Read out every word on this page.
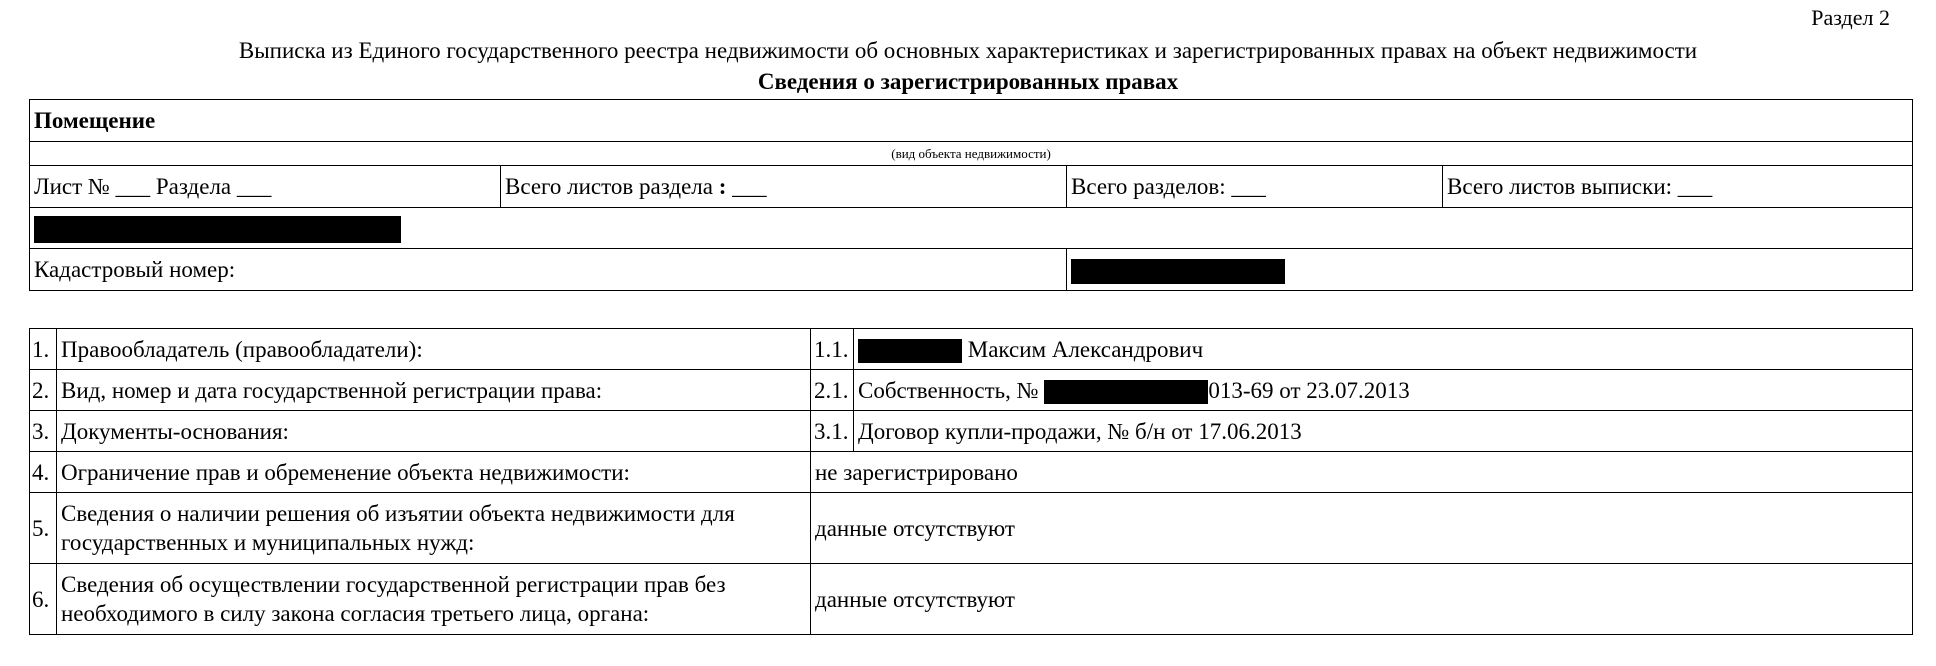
Раздел 2
Выписка из Единого государственного реестра недвижимости об основных характеристиках и зарегистрированных правах на объект недвижимости
Сведения о зарегистрированных правах
Помещение			
(вид объекта недвижимости)			
Лист № ___ Раздела ___	Всего листов раздела : ___	Всего разделов: ___	Всего листов выписки: ___

Кадастровый номер:			
1.	Правообладатель (правообладатели):	1.1.	Максим Александрович
2.	Вид, номер и дата государственной регистрации права:	2.1.	Собственность, № 013-69 от 23.07.2013
3.	Документы-основания:	3.1.	Договор купли-продажи, № б/н от 17.06.2013
4.	Ограничение прав и обременение объекта недвижимости:	не зарегистрировано	
5.	Сведения о наличии решения об изъятии объекта недвижимости для государственных и муниципальных нужд:	данные отсутствуют	
6.	Сведения об осуществлении государственной регистрации прав без необходимого в силу закона согласия третьего лица, органа:	данные отсутствуют	
